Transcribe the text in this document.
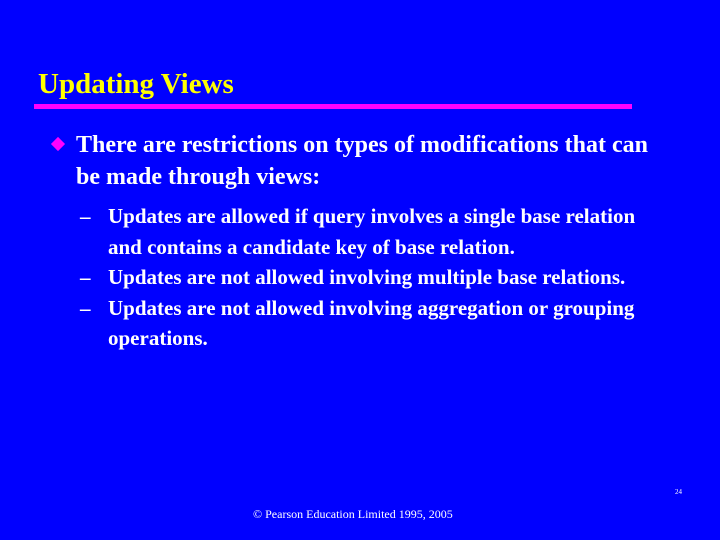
Updating Views
There are restrictions on types of modifications that can be made through views:

– Updates are allowed if query involves a single base relation and contains a candidate key of base relation.

– Updates are not allowed involving multiple base relations.

– Updates are not allowed involving aggregation or grouping operations.

© Pearson Education Limited 1995, 2005
24
